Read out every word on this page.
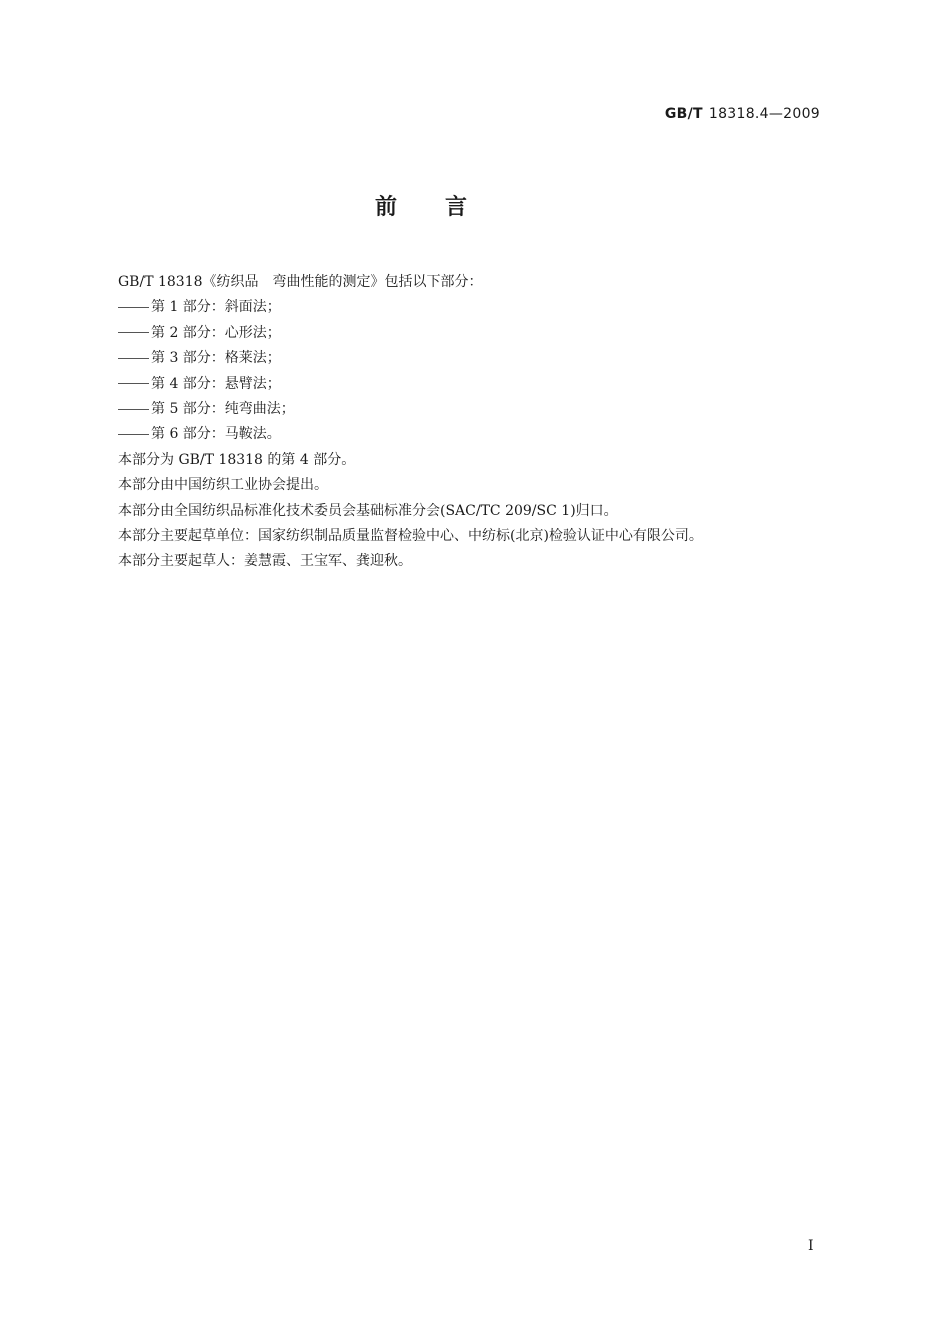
GB/T 18318.4—2009
前言

GB/T 18318《纺织品　弯曲性能的测定》包括以下部分：

第 1 部分：斜面法；

第 2 部分：心形法；

第 3 部分：格莱法；

第 4 部分：悬臂法；

第 5 部分：纯弯曲法；

第 6 部分：马鞍法。

本部分为 GB/T 18318 的第 4 部分。

本部分由中国纺织工业协会提出。

本部分由全国纺织品标准化技术委员会基础标准分会(SAC/TC 209/SC 1)归口。

本部分主要起草单位：国家纺织制品质量监督检验中心、中纺标(北京)检验认证中心有限公司。

本部分主要起草人：姜慧霞、王宝军、龚迎秋。

I
